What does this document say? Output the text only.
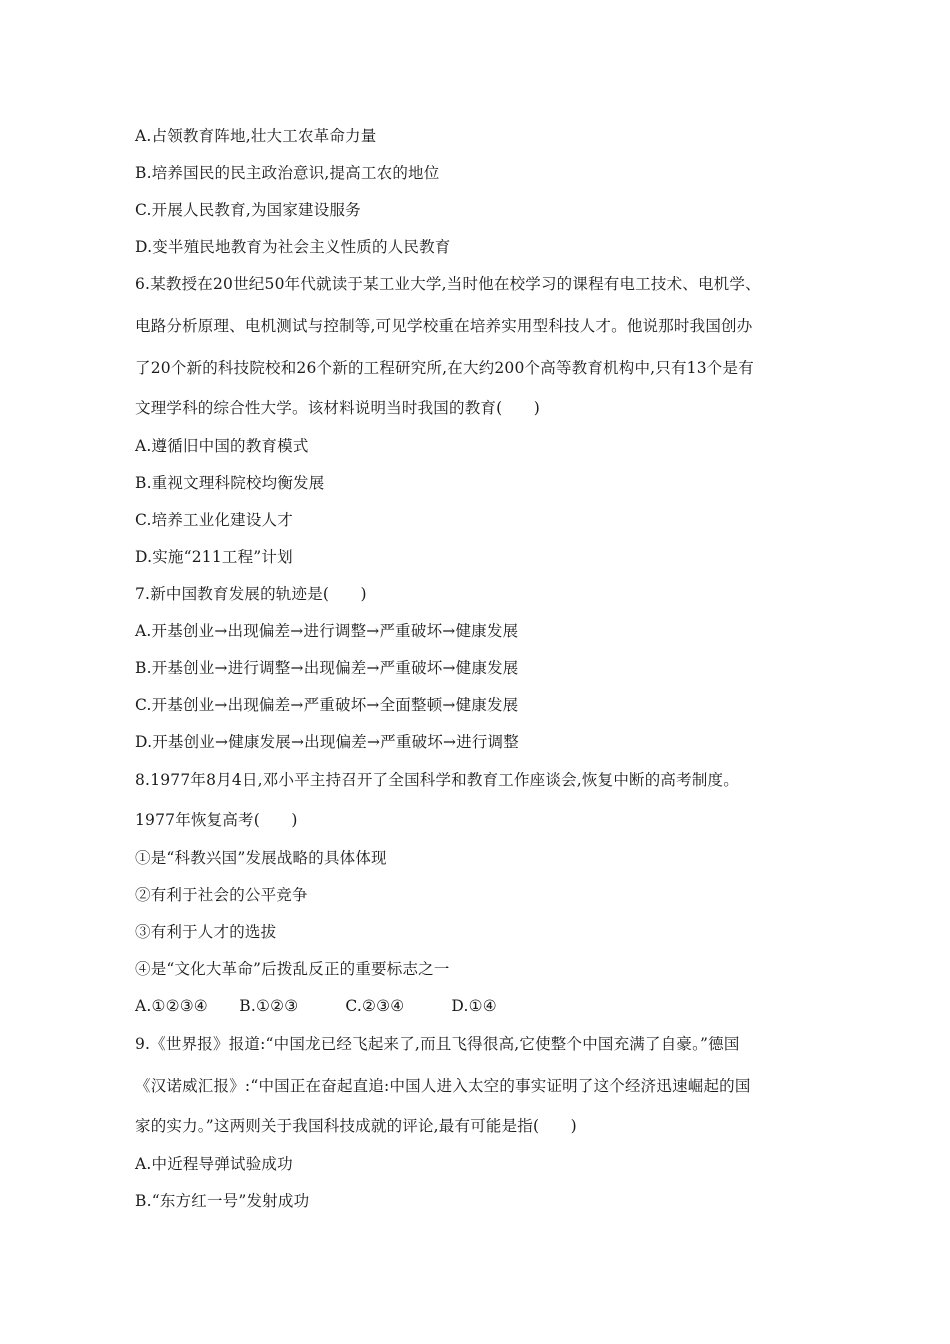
A.占领教育阵地,壮大工农革命力量
B.培养国民的民主政治意识,提高工农的地位
C.开展人民教育,为国家建设服务
D.变半殖民地教育为社会主义性质的人民教育
6.某教授在20世纪50年代就读于某工业大学,当时他在校学习的课程有电工技术、电机学、
电路分析原理、电机测试与控制等,可见学校重在培养实用型科技人才。他说那时我国创办
了20个新的科技院校和26个新的工程研究所,在大约200个高等教育机构中,只有13个是有
文理学科的综合性大学。该材料说明当时我国的教育(　　)
A.遵循旧中国的教育模式
B.重视文理科院校均衡发展
C.培养工业化建设人才
D.实施“211工程”计划
7.新中国教育发展的轨迹是(　　)
A.开基创业→出现偏差→进行调整→严重破坏→健康发展
B.开基创业→进行调整→出现偏差→严重破坏→健康发展
C.开基创业→出现偏差→严重破坏→全面整顿→健康发展
D.开基创业→健康发展→出现偏差→严重破坏→进行调整
8.1977年8月4日,邓小平主持召开了全国科学和教育工作座谈会,恢复中断的高考制度。
1977年恢复高考(　　)
①是“科教兴国”发展战略的具体体现
②有利于社会的公平竞争
③有利于人才的选拔
④是“文化大革命”后拨乱反正的重要标志之一
A.①②③④　　B.①②③　　　C.②③④　　　D.①④
9.《世界报》报道:“中国龙已经飞起来了,而且飞得很高,它使整个中国充满了自豪。”德国
《汉诺威汇报》:“中国正在奋起直追:中国人进入太空的事实证明了这个经济迅速崛起的国
家的实力。”这两则关于我国科技成就的评论,最有可能是指(　　)
A.中近程导弹试验成功
B.“东方红一号”发射成功
